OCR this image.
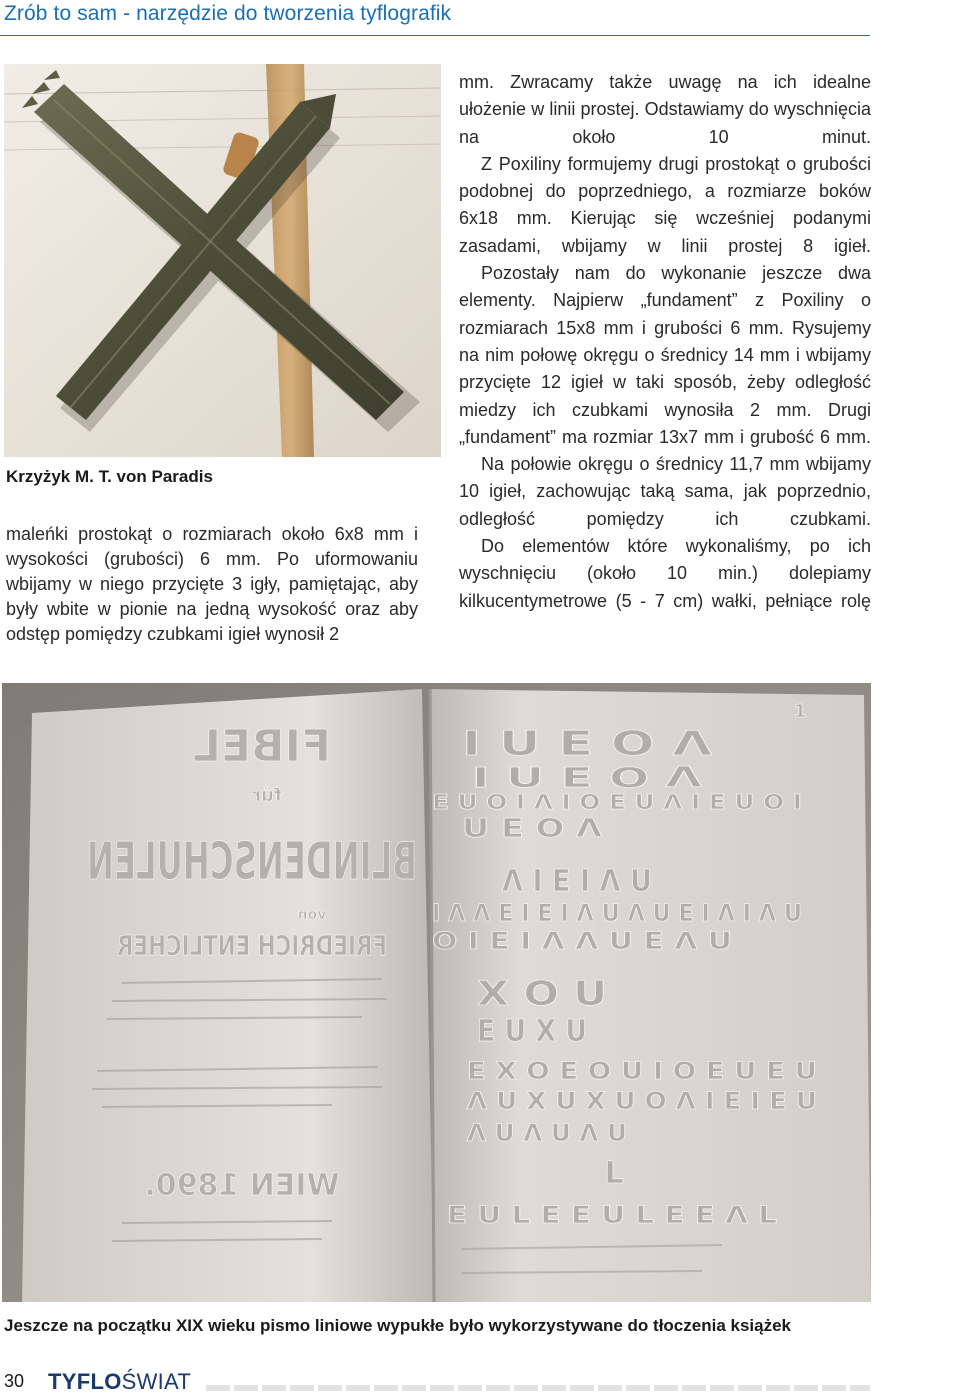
Zrób to sam - narzędzie do tworzenia tyflografik
Krzyżyk M. T. von Paradis

maleńki prostokąt o rozmiarach około 6x8 mm i wysokości (grubości) 6 mm. Po uformowaniu wbijamy w niego przycięte 3 igły, pamiętając, aby były wbite w pionie na jedną wysokość oraz aby odstęp pomiędzy czubkami igieł wynosił 2

mm. Zwracamy także uwagę na ich idealne ułożenie w linii prostej. Odstawiamy do wyschnięcia na około 10 minut.

Z Poxiliny formujemy drugi prostokąt o grubości podobnej do poprzedniego, a rozmiarze boków 6x18 mm. Kierując się wcześniej podanymi zasadami, wbijamy w linii prostej 8 igieł.

Pozostały nam do wykonanie jeszcze dwa elementy. Najpierw „fundament” z Poxiliny o rozmiarach 15x8 mm i grubości 6 mm. Rysujemy na nim połowę okręgu o średnicy 14 mm i wbijamy przycięte 12 igieł w taki sposób, żeby odległość miedzy ich czubkami wynosiła 2 mm. Drugi „fundament” ma rozmiar 13x7 mm i grubość 6 mm.

Na połowie okręgu o średnicy 11,7 mm wbijamy 10 igieł, zachowując taką sama, jak poprzednio, odległość pomiędzy ich czubkami.

Do elementów które wykonaliśmy, po ich wyschnięciu (około 10 min.) dolepiamy kilkucentymetrowe (5 - 7 cm) wałki, pełniące rolę

FIBEL
für
BLINDENSCHULEN
von
FRIEDRICH ENTLICHER
WIEN 1890.
1
I U E O Λ
I U E O Λ
E U O I Λ I O E U Λ I E U O I
U E O Λ
Λ I E I Λ U
I Λ Λ E I E I Λ U Λ U E I Λ I Λ U
O I E I Λ Λ U E Λ U
X O U
E U X U
E X O E O U I O E U E U
Λ U X U X U O Λ I E I E U
Λ U Λ U Λ U
L
E U L E E U L E E Λ L
Jeszcze na początku XIX wieku pismo liniowe wypukłe było wykorzystywane do tłoczenia książek
30 TYFLOŚWIAT
